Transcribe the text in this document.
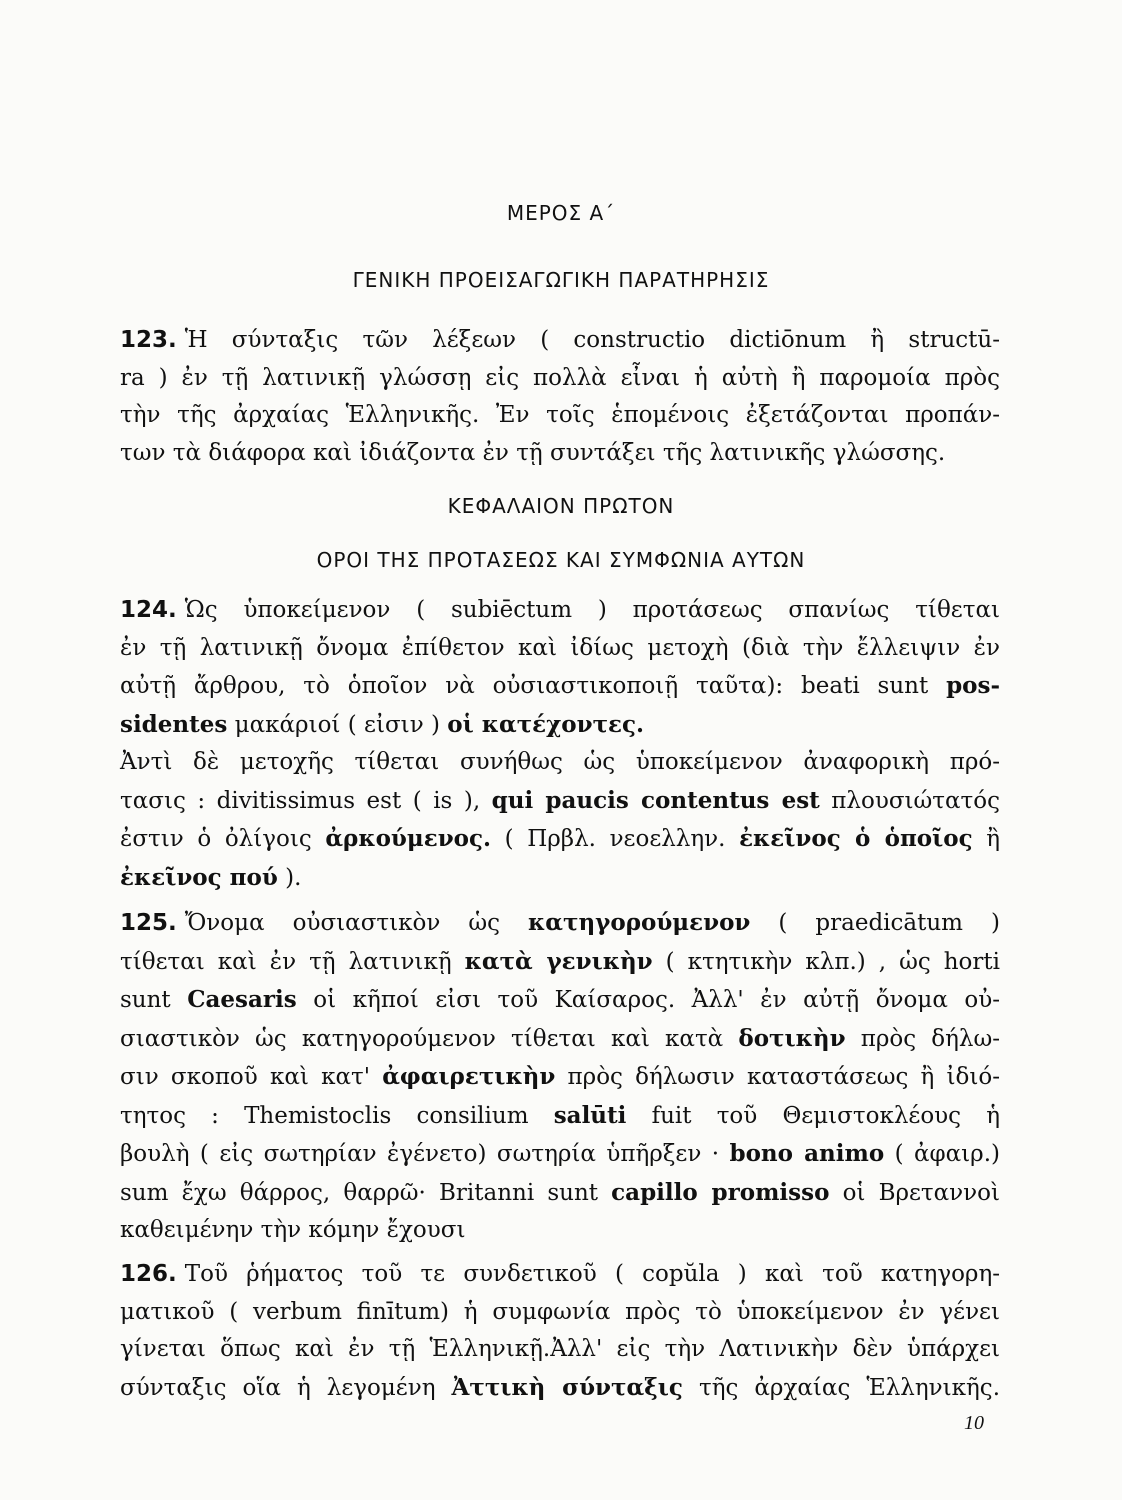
ΜΕΡΟΣ Α΄
ΓΕΝΙΚΗ ΠΡΟΕΙΣΑΓΩΓΙΚΗ ΠΑΡΑΤΗΡΗΣΙΣ
123. Ἡ σύνταξις τῶν λέξεων ( constructio dictiōnum ἢ structū-
ra ) ἐν τῇ λατινικῇ γλώσσῃ εἰς πολλὰ εἶναι ἡ αὐτὴ ἢ παρομοία πρὸς
τὴν τῆς ἀρχαίας Ἑλληνικῆς. Ἐν τοῖς ἑπομένοις ἐξετάζονται προπάν-
των τὰ διάφορα καὶ ἰδιάζοντα ἐν τῇ συντάξει τῆς λατινικῆς γλώσσης.
ΚΕΦΑΛΑΙΟΝ ΠΡΩΤΟΝ
ΟΡΟΙ ΤΗΣ ΠΡΟΤΑΣΕΩΣ ΚΑΙ ΣΥΜΦΩΝΙΑ ΑΥΤΩΝ
124. Ὡς ὑποκείμενον ( subiēctum ) προτάσεως σπανίως τίθεται
ἐν τῇ λατινικῇ ὄνομα ἐπίθετον καὶ ἰδίως μετοχὴ (διὰ τὴν ἔλλειψιν ἐν
αὐτῇ ἄρθρου, τὸ ὁποῖον νὰ οὐσιαστικοποιῇ ταῦτα): beati sunt pos-
sidentes μακάριοί ( εἰσιν ) οἱ κατέχοντες.
Ἀντὶ δὲ μετοχῆς τίθεται συνήθως ὡς ὑποκείμενον ἀναφορικὴ πρό-
τασις : divitissimus est ( is ), qui paucis contentus est πλουσιώτατός
ἐστιν ὁ ὀλίγοις ἀρκούμενος. ( Πρβλ. νεοελλην. ἐκεῖνος ὁ ὁποῖος ἢ
ἐκεῖνος πού ).
125. Ὄνομα οὐσιαστικὸν ὡς κατηγορούμενον ( praedicātum )
τίθεται καὶ ἐν τῇ λατινικῇ κατὰ γενικὴν ( κτητικὴν κλπ.) , ὡς horti
sunt Caesaris οἱ κῆποί εἰσι τοῦ Καίσαρος. Ἀλλ' ἐν αὐτῇ ὄνομα οὐ-
σιαστικὸν ὡς κατηγορούμενον τίθεται καὶ κατὰ δοτικὴν πρὸς δήλω-
σιν σκοποῦ καὶ κατ' ἀφαιρετικὴν πρὸς δήλωσιν καταστάσεως ἢ ἰδιό-
τητος : Themistoclis consilium salūti fuit τοῦ Θεμιστοκλέους ἡ
βουλὴ ( εἰς σωτηρίαν ἐγένετο) σωτηρία ὑπῆρξεν · bono animo ( ἀφαιρ.)
sum ἔχω θάρρος, θαρρῶ· Britanni sunt capillo promisso οἱ Βρεταννοὶ
καθειμένην τὴν κόμην ἔχουσι
126. Τοῦ ῥήματος τοῦ τε συνδετικοῦ ( copŭla ) καὶ τοῦ κατηγορη-
ματικοῦ ( verbum finītum) ἡ συμφωνία πρὸς τὸ ὑποκείμενον ἐν γένει
γίνεται ὅπως καὶ ἐν τῇ Ἑλληνικῇ.Ἀλλ' εἰς τὴν Λατινικὴν δὲν ὑπάρχει
σύνταξις οἵα ἡ λεγομένη Ἀττικὴ σύνταξις τῆς ἀρχαίας Ἑλληνικῆς.
10
